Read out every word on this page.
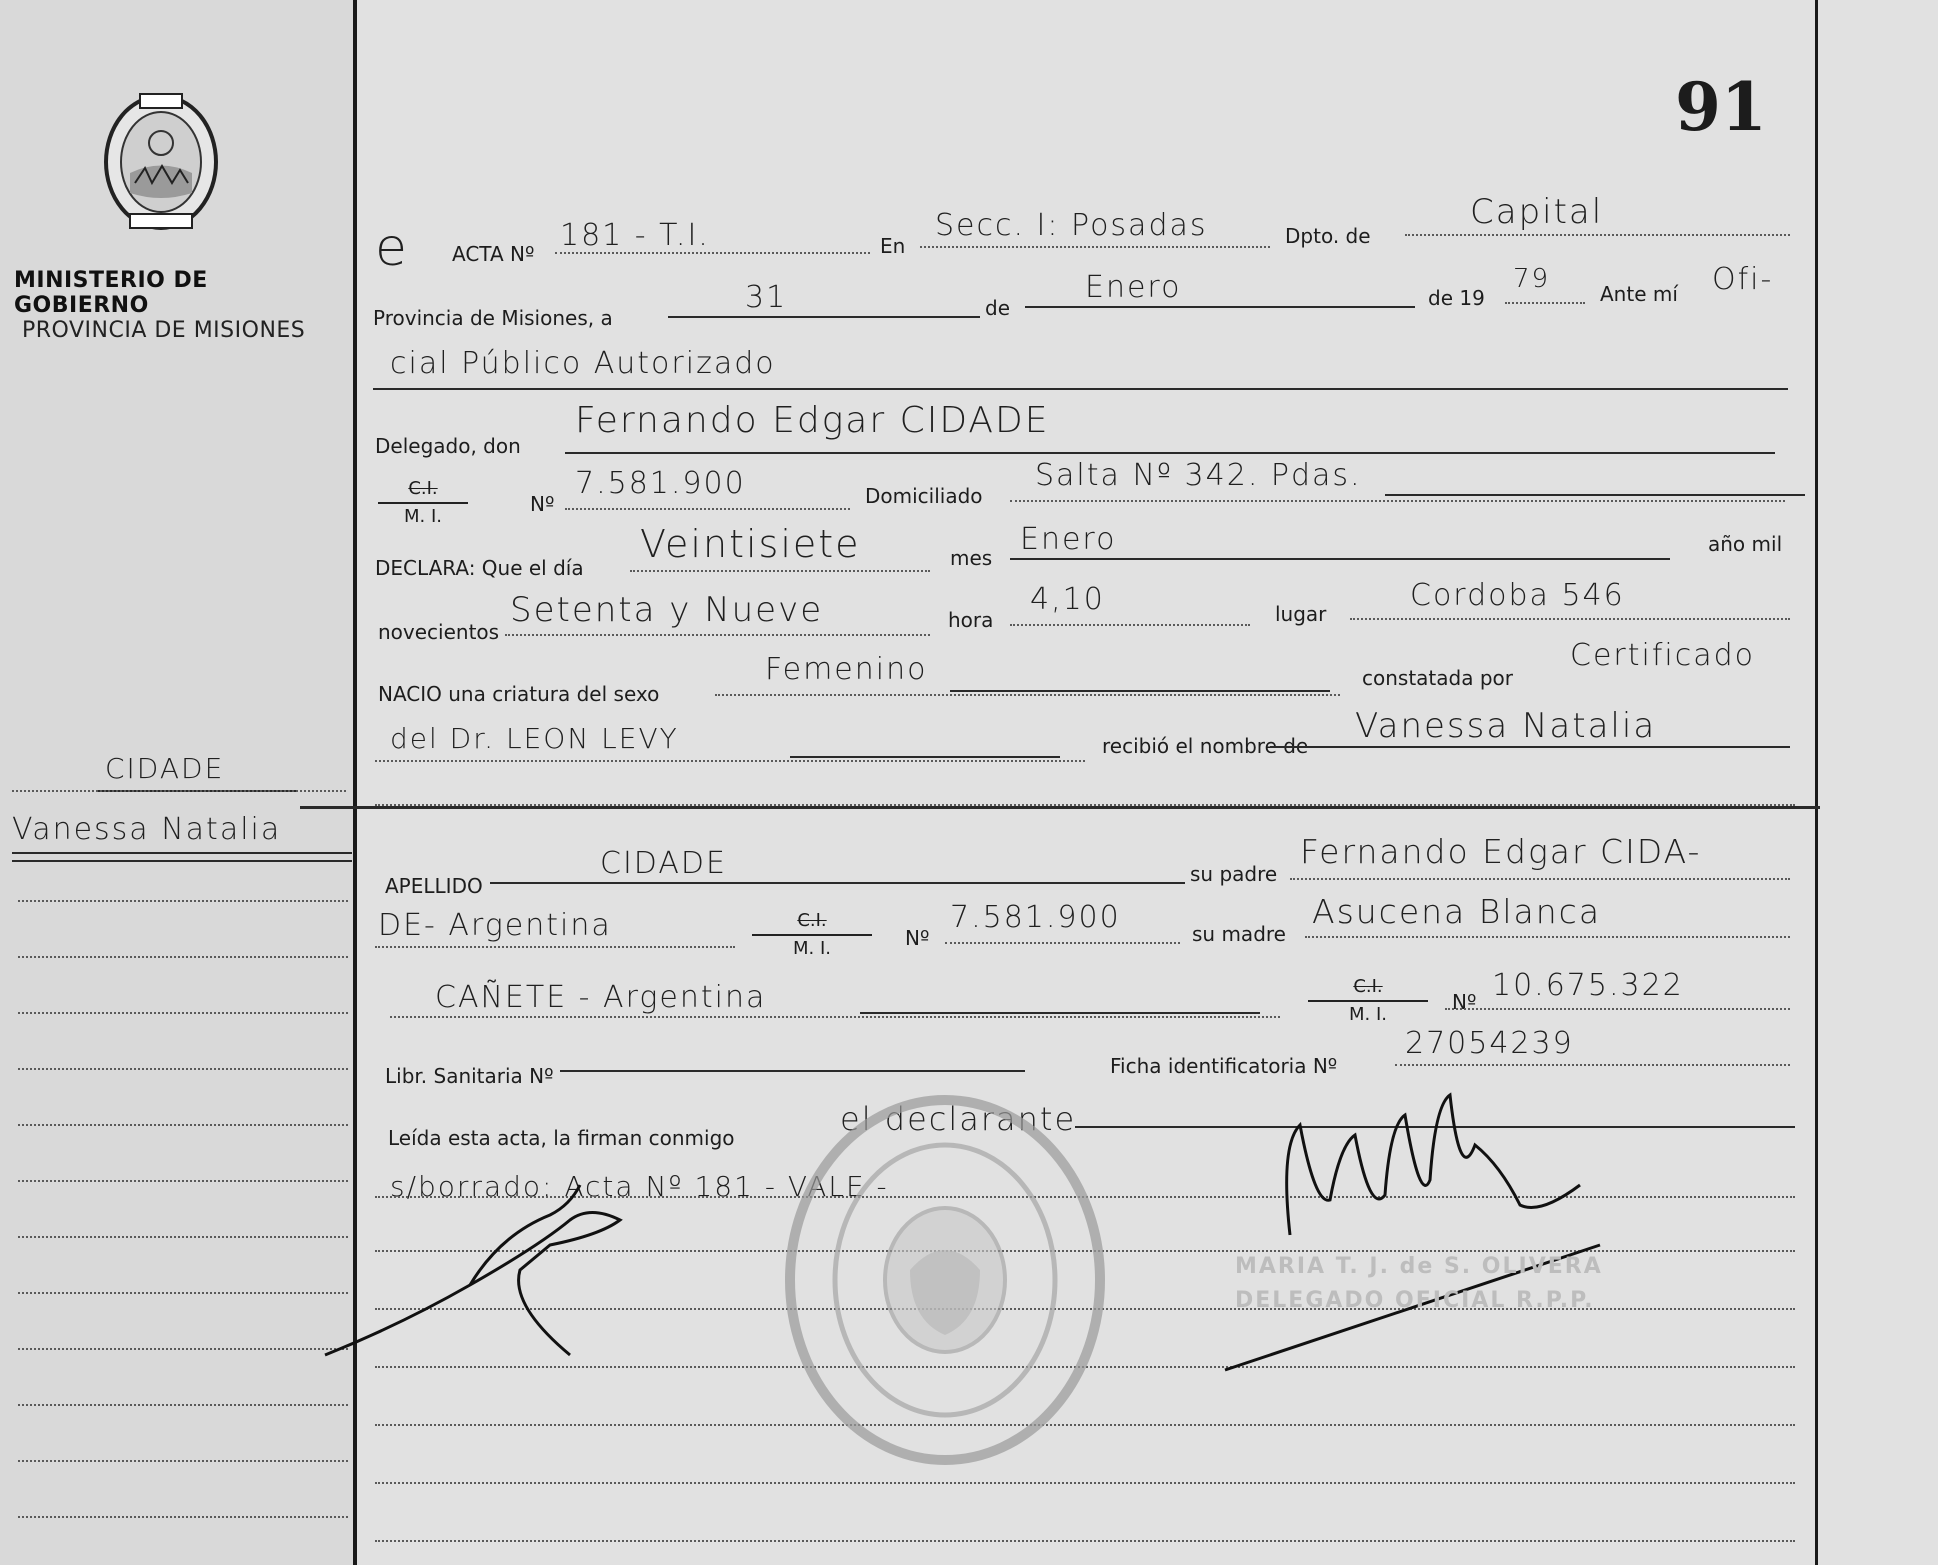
MINISTERIO DE GOBIERNO
PROVINCIA DE MISIONES
91
CIDADE
Vanessa Natalia
e ACTA Nº
181 - T.I.	En
Secc. I: Posadas	Dpto. de
Capital
Provincia de Misiones, a
31	de
Enero	de 19
79 Ante mí Ofi-
cial Público Autorizado
Delegado, don
Fernando Edgar CIDADE
C.I.
M. I.
Nº
7.581.900	Domiciliado
Salta Nº 342. Pdas.
DECLARA: Que el día
Veintisiete	mes
Enero	año mil
novecientos
Setenta y Nueve	hora
4,10	lugar
Cordoba 546
NACIO una criatura del sexo
Femenino	constatada por
Certificado
del Dr. LEON LEVY	recibió el nombre de Vanessa Natalia
APELLIDO
CIDADE	su padre
Fernando Edgar CIDA-
DE- Argentina	C.I.
M. I.	Nº
7.581.900	su madre
Asucena Blanca
CAÑETE - Argentina	C.I.
M. I.
Nº 10.675.322
Libr. Sanitaria Nº	Ficha identificatoria Nº
27054239
Leída esta acta, la firman conmigo	el declarante
s/borrado: Acta Nº 181 - VALE -
MARIA T. J. de S. OLIVERA
DELEGADO OFICIAL R.P.P.
